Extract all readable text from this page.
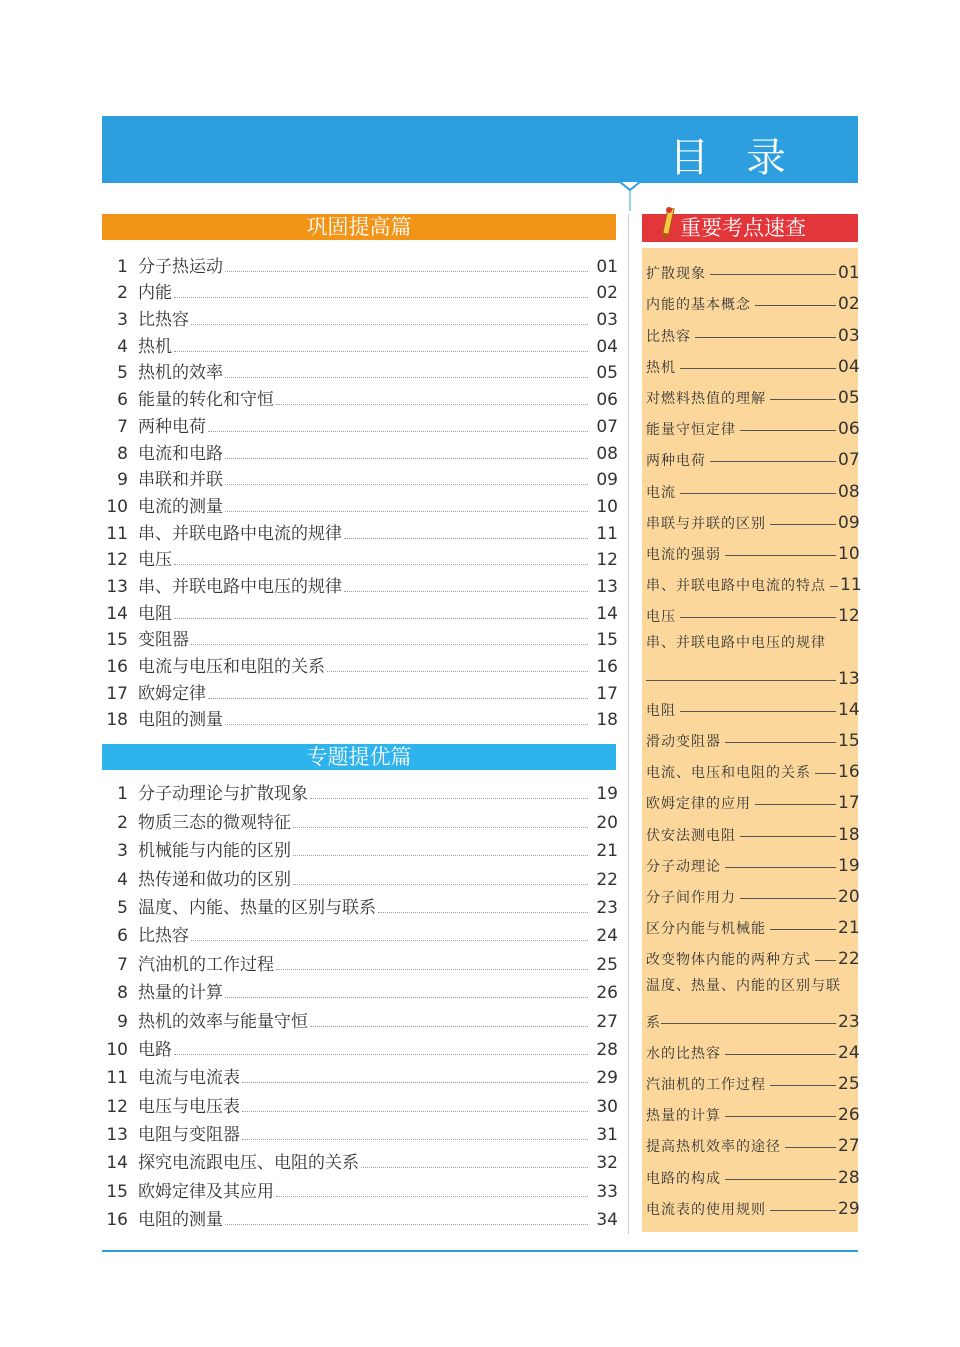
目 录
巩固提高篇
1 分子热运动	01
2 内能	02
3 比热容	03
4 热机	04
5 热机的效率	05
6 能量的转化和守恒	06
7 两种电荷	07
8 电流和电路	08
9 串联和并联	09
10 电流的测量	10
11 串、并联电路中电流的规律	11
12 电压	12
13 串、并联电路中电压的规律	13
14 电阻	14
15 变阻器	15
16 电流与电压和电阻的关系	16
17 欧姆定律	17
18 电阻的测量	18
专题提优篇
1 分子动理论与扩散现象	19
2 物质三态的微观特征	20
3 机械能与内能的区别	21
4 热传递和做功的区别	22
5 温度、内能、热量的区别与联系	23
6 比热容	24
7 汽油机的工作过程	25
8 热量的计算	26
9 热机的效率与能量守恒	27
10 电路	28
11 电流与电流表	29
12 电压与电压表	30
13 电阻与变阻器	31
14 探究电流跟电压、电阻的关系	32
15 欧姆定律及其应用	33
16 电阻的测量	34
重要考点速查
扩散现象	01
内能的基本概念	02
比热容	03
热机	04
对燃料热值的理解	05
能量守恒定律	06
两种电荷	07
电流	08
串联与并联的区别	09
电流的强弱	10
串、并联电路中电流的特点 11
电压	12
串、并联电路中电压的规律
13
电阻	14
滑动变阻器	15
电流、电压和电阻的关系 16
欧姆定律的应用	17
伏安法测电阻	18
分子动理论	19
分子间作用力	20
区分内能与机械能	21
改变物体内能的两种方式 22
温度、热量、内能的区别与联
系	23
水的比热容	24
汽油机的工作过程	25
热量的计算	26
提高热机效率的途径	27
电路的构成	28
电流表的使用规则	29
